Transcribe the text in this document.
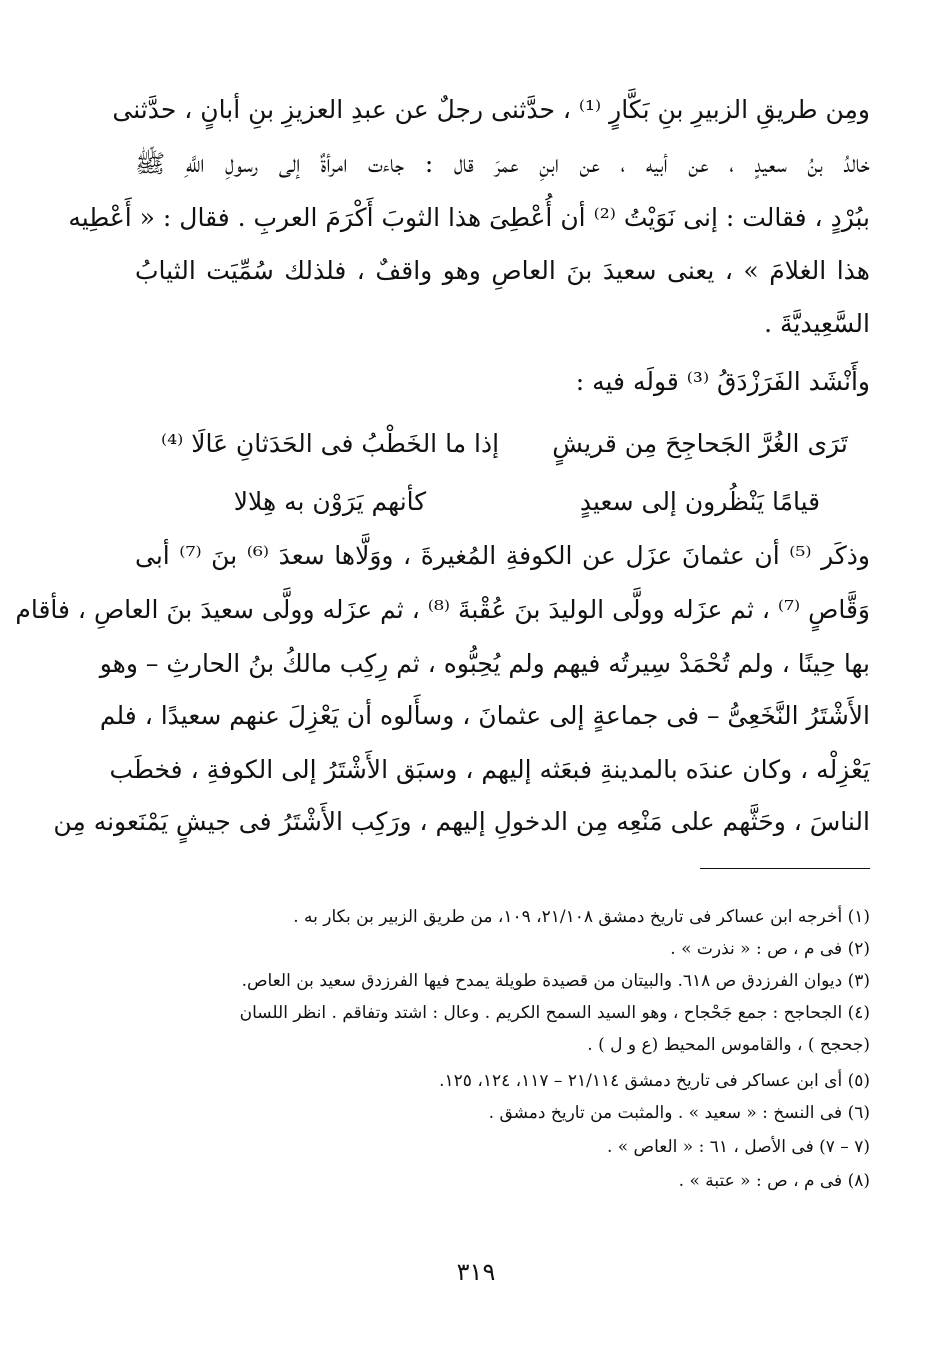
ومِن طريقِ الزبيرِ بنِ بَكَّارٍ ⁽¹⁾ ، حدَّثنى رجلٌ عن عبدِ العزيزِ بنِ أبانٍ ، حدَّثنى
خالدُ بنُ سعيدٍ ، عن أبيه ، عن ابنِ عمرَ قال : جاءت امرأةٌ إلى رسولِ اللَّهِ ﷺ
ببُرْدٍ ، فقالت : إنى نَوَيْتُ ⁽²⁾ أن أُعْطِىَ هذا الثوبَ أَكْرَمَ العربِ . فقال : « أَعْطِيه
هذا الغلامَ » ، يعنى سعيدَ بنَ العاصِ وهو واقفٌ ، فلذلك سُمِّيَت الثيابُ
السَّعِيديَّةَ .
وأَنْشَد الفَرَزْدَقُ ⁽³⁾ قولَه فيه :
تَرَى الغُرَّ الجَحاجِحَ مِن قريشٍ
إذا ما الخَطْبُ فى الحَدَثانِ عَالَا ⁽⁴⁾
قيامًا يَنْظُرون إلى سعيدٍ
كأنهم يَرَوْن به هِلالا
وذكَر ⁽⁵⁾ أن عثمانَ عزَل عن الكوفةِ المُغيرةَ ، ووَلَّاها سعدَ ⁽⁶⁾ بنَ ⁽⁷⁾ أبى
وَقَّاصٍ ⁽⁷⁾ ، ثم عزَله وولَّى الوليدَ بنَ عُقْبةَ ⁽⁸⁾ ، ثم عزَله وولَّى سعيدَ بنَ العاصِ ، فأقام
بها حِينًا ، ولم تُحْمَدْ سِيرتُه فيهم ولم يُحِبُّوه ، ثم رِكِب مالكُ بنُ الحارثِ – وهو
الأَشْتَرُ النَّخَعِىُّ – فى جماعةٍ إلى عثمانَ ، وسأَلوه أن يَعْزِلَ عنهم سعيدًا ، فلم
يَعْزِلْه ، وكان عندَه بالمدينةِ فبعَثه إليهم ، وسبَق الأَشْتَرُ إلى الكوفةِ ، فخطَب
الناسَ ، وحَثَّهم على مَنْعِه مِن الدخولِ إليهم ، ورَكِب الأَشْتَرُ فى جيشٍ يَمْنَعونه مِن
(١) أخرجه ابن عساكر فى تاريخ دمشق ٢١/١٠٨، ١٠٩، من طريق الزبير بن بكار به .
(٢) فى م ، ص : « نذرت » .
(٣) ديوان الفرزدق ص ٦١٨. والبيتان من قصيدة طويلة يمدح فيها الفرزدق سعيد بن العاص.
(٤) الجحاجح : جمع جَحْجاح ، وهو السيد السمح الكريم . وعال : اشتد وتفاقم . انظر اللسان
(جحجح ) ، والقاموس المحيط (ع و ل ) .
(٥) أى ابن عساكر فى تاريخ دمشق ٢١/١١٤ – ١١٧، ١٢٤، ١٢٥.
(٦) فى النسخ : « سعيد » . والمثبت من تاريخ دمشق .
(٧ – ٧) فى الأصل ، ٦١ : « العاص » .
(٨) فى م ، ص : « عتبة » .
٣١٩
